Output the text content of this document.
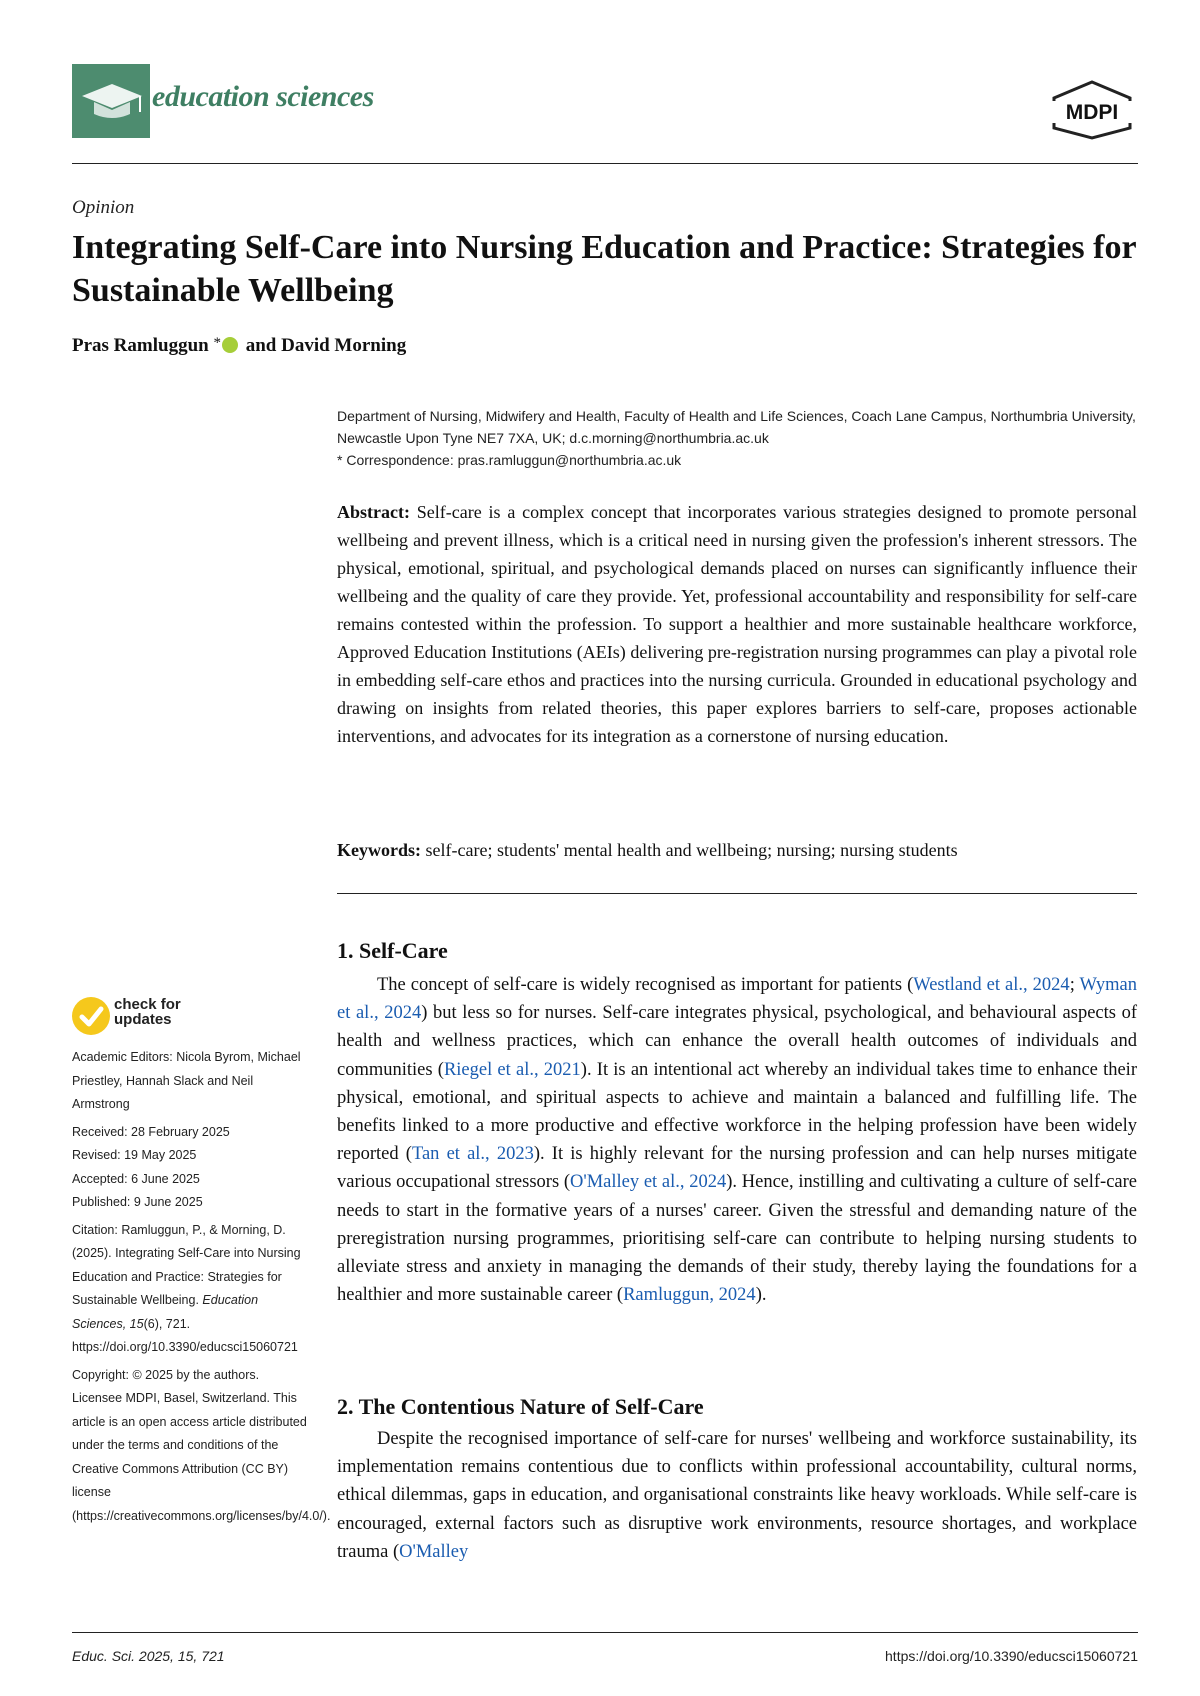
education sciences	MDPI
Opinion
Integrating Self-Care into Nursing Education and Practice: Strategies for Sustainable Wellbeing
Pras Ramluggun * and David Morning
Department of Nursing, Midwifery and Health, Faculty of Health and Life Sciences, Coach Lane Campus, Northumbria University, Newcastle Upon Tyne NE7 7XA, UK; d.c.morning@northumbria.ac.uk
* Correspondence: pras.ramluggun@northumbria.ac.uk
Abstract: Self-care is a complex concept that incorporates various strategies designed to promote personal wellbeing and prevent illness, which is a critical need in nursing given the profession's inherent stressors. The physical, emotional, spiritual, and psychological demands placed on nurses can significantly influence their wellbeing and the quality of care they provide. Yet, professional accountability and responsibility for self-care remains contested within the profession. To support a healthier and more sustainable healthcare workforce, Approved Education Institutions (AEIs) delivering pre-registration nursing programmes can play a pivotal role in embedding self-care ethos and practices into the nursing curricula. Grounded in educational psychology and drawing on insights from related theories, this paper explores barriers to self-care, proposes actionable interventions, and advocates for its integration as a cornerstone of nursing education.
Keywords: self-care; students' mental health and wellbeing; nursing; nursing students
check for
updates

Academic Editors: Nicola Byrom, Michael Priestley, Hannah Slack and Neil Armstrong

Received: 28 February 2025

Revised: 19 May 2025

Accepted: 6 June 2025

Published: 9 June 2025

Citation: Ramluggun, P., & Morning, D. (2025). Integrating Self-Care into Nursing Education and Practice: Strategies for Sustainable Wellbeing. Education Sciences, 15(6), 721. https://doi.org/10.3390/educsci15060721

Copyright: © 2025 by the authors. Licensee MDPI, Basel, Switzerland. This article is an open access article distributed under the terms and conditions of the Creative Commons Attribution (CC BY) license (https://creativecommons.org/licenses/by/4.0/).

1. Self-Care
The concept of self-care is widely recognised as important for patients (Westland et al., 2024; Wyman et al., 2024) but less so for nurses. Self-care integrates physical, psychological, and behavioural aspects of health and wellness practices, which can enhance the overall health outcomes of individuals and communities (Riegel et al., 2021). It is an intentional act whereby an individual takes time to enhance their physical, emotional, and spiritual aspects to achieve and maintain a balanced and fulfilling life. The benefits linked to a more productive and effective workforce in the helping profession have been widely reported (Tan et al., 2023). It is highly relevant for the nursing profession and can help nurses mitigate various occupational stressors (O'Malley et al., 2024). Hence, instilling and cultivating a culture of self-care needs to start in the formative years of a nurses' career. Given the stressful and demanding nature of the preregistration nursing programmes, prioritising self-care can contribute to helping nursing students to alleviate stress and anxiety in managing the demands of their study, thereby laying the foundations for a healthier and more sustainable career (Ramluggun, 2024).
2. The Contentious Nature of Self-Care
Despite the recognised importance of self-care for nurses' wellbeing and workforce sustainability, its implementation remains contentious due to conflicts within professional accountability, cultural norms, ethical dilemmas, gaps in education, and organisational constraints like heavy workloads. While self-care is encouraged, external factors such as disruptive work environments, resource shortages, and workplace trauma (O'Malley
Educ. Sci. 2025, 15, 721	https://doi.org/10.3390/educsci15060721
